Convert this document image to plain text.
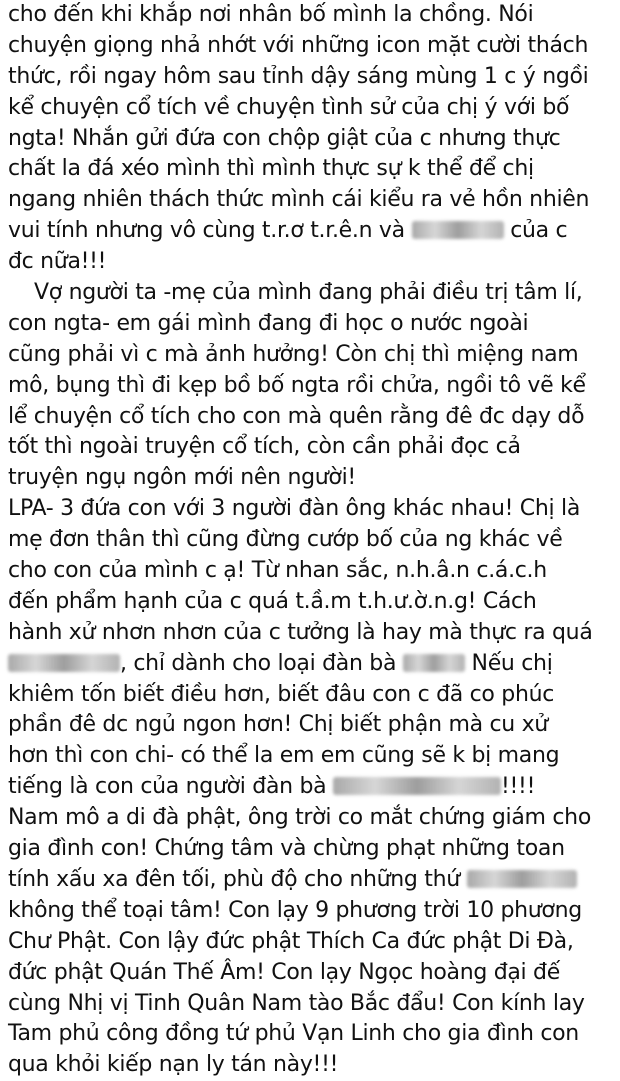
cho đến khi khắp nơi nhân bố mình la chồng. Nói
chuyện giọng nhả nhớt với những icon mặt cười thách
thức, rồi ngay hôm sau tỉnh dậy sáng mùng 1 c ý ngồi
kể chuyện cổ tích về chuyện tình sử của chị ý với bố
ngta! Nhắn gửi đứa con chộp giật của c nhưng thực
chất la đá xéo mình thì mình thực sự k thể để chị
ngang nhiên thách thức mình cái kiểu ra vẻ hồn nhiên
vui tính nhưng vô cùng t.r.ơ t.r.ê.n và	của c
đc nữa!!!
Vợ người ta -mẹ của mình đang phải điều trị tâm lí,
con ngta- em gái mình đang đi học o nước ngoài
cũng phải vì c mà ảnh hưởng! Còn chị thì miệng nam
mô, bụng thì đi kẹp bồ bố ngta rồi chửa, ngồi tô vẽ kể
lể chuyện cổ tích cho con mà quên rằng đê đc dạy dỗ
tốt thì ngoài truyện cổ tích, còn cần phải đọc cả
truyện ngụ ngôn mới nên người!
LPA- 3 đứa con với 3 người đàn ông khác nhau! Chị là
mẹ đơn thân thì cũng đừng cướp bố của ng khác về
cho con của mình c ạ! Từ nhan sắc, n.h.â.n c.á.c.h
đến phẩm hạnh của c quá t.ầ.m t.h.ư.ờ.n.g! Cách
hành xử nhơn nhơn của c tưởng là hay mà thực ra quá
, chỉ dành cho loại đàn bà	Nếu chị
khiêm tốn biết điều hơn, biết đâu con c đã co phúc
phần đê dc ngủ ngon hơn! Chị biết phận mà cu xử
hơn thì con chi- có thể la em em cũng sẽ k bị mang
tiếng là con của người đàn bà	!!!!
Nam mô a di đà phật, ông trời co mắt chứng giám cho
gia đình con! Chứng tâm và chừng phạt những toan
tính xấu xa đên tối, phù độ cho những thứ
không thể toại tâm! Con lạy 9 phương trời 10 phương
Chư Phật. Con lậy đức phật Thích Ca đức phật Di Đà,
đức phật Quán Thế Âm! Con lạy Ngọc hoàng đại đế
cùng Nhị vị Tinh Quân Nam tào Bắc đẩu! Con kính lay
Tam phủ công đồng tứ phủ Vạn Linh cho gia đình con
qua khỏi kiếp nạn ly tán này!!!
